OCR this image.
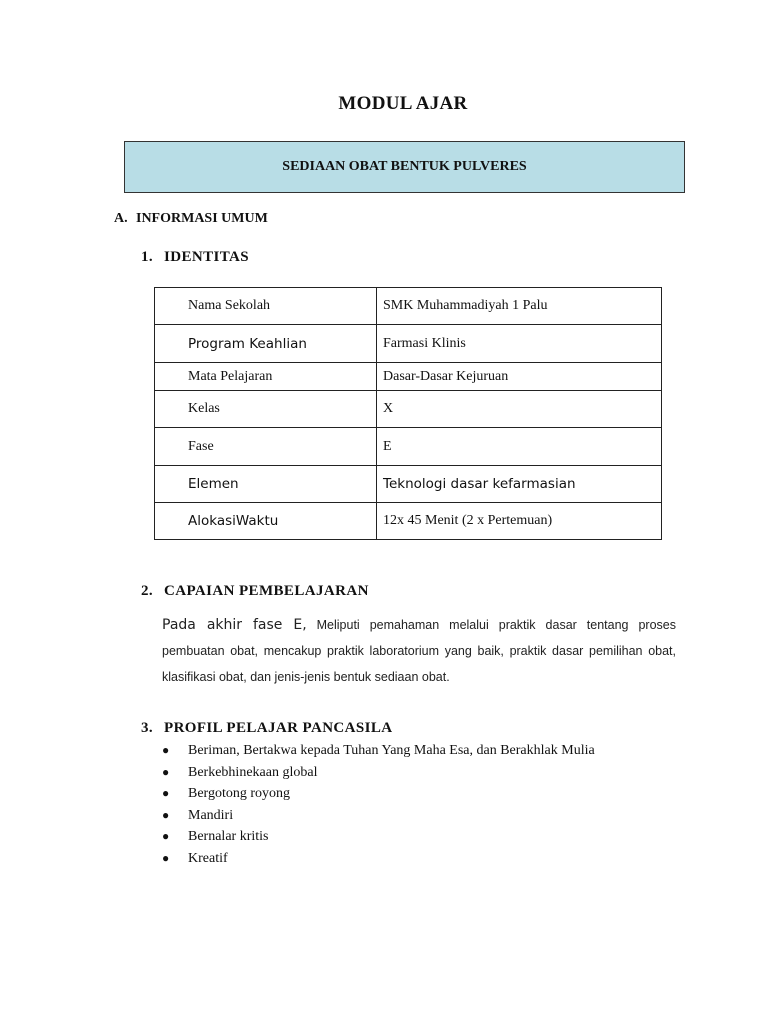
MODUL AJAR
SEDIAAN OBAT BENTUK PULVERES
A. INFORMASI UMUM
1. IDENTITAS
Nama Sekolah	SMK Muhammadiyah 1 Palu
Program Keahlian	Farmasi Klinis
Mata Pelajaran	Dasar-Dasar Kejuruan
Kelas	X
Fase	E
Elemen	Teknologi dasar kefarmasian
AlokasiWaktu	12x 45 Menit (2 x Pertemuan)
2. CAPAIAN PEMBELAJARAN
Pada akhir fase E, Meliputi pemahaman melalui praktik dasar tentang proses pembuatan obat, mencakup praktik laboratorium yang baik, praktik dasar pemilihan obat, klasifikasi obat, dan jenis-jenis bentuk sediaan obat.
3. PROFIL PELAJAR PANCASILA
● Beriman, Bertakwa kepada Tuhan Yang Maha Esa, dan Berakhlak Mulia
● Berkebhinekaan global
● Bergotong royong
● Mandiri
● Bernalar kritis
● Kreatif
